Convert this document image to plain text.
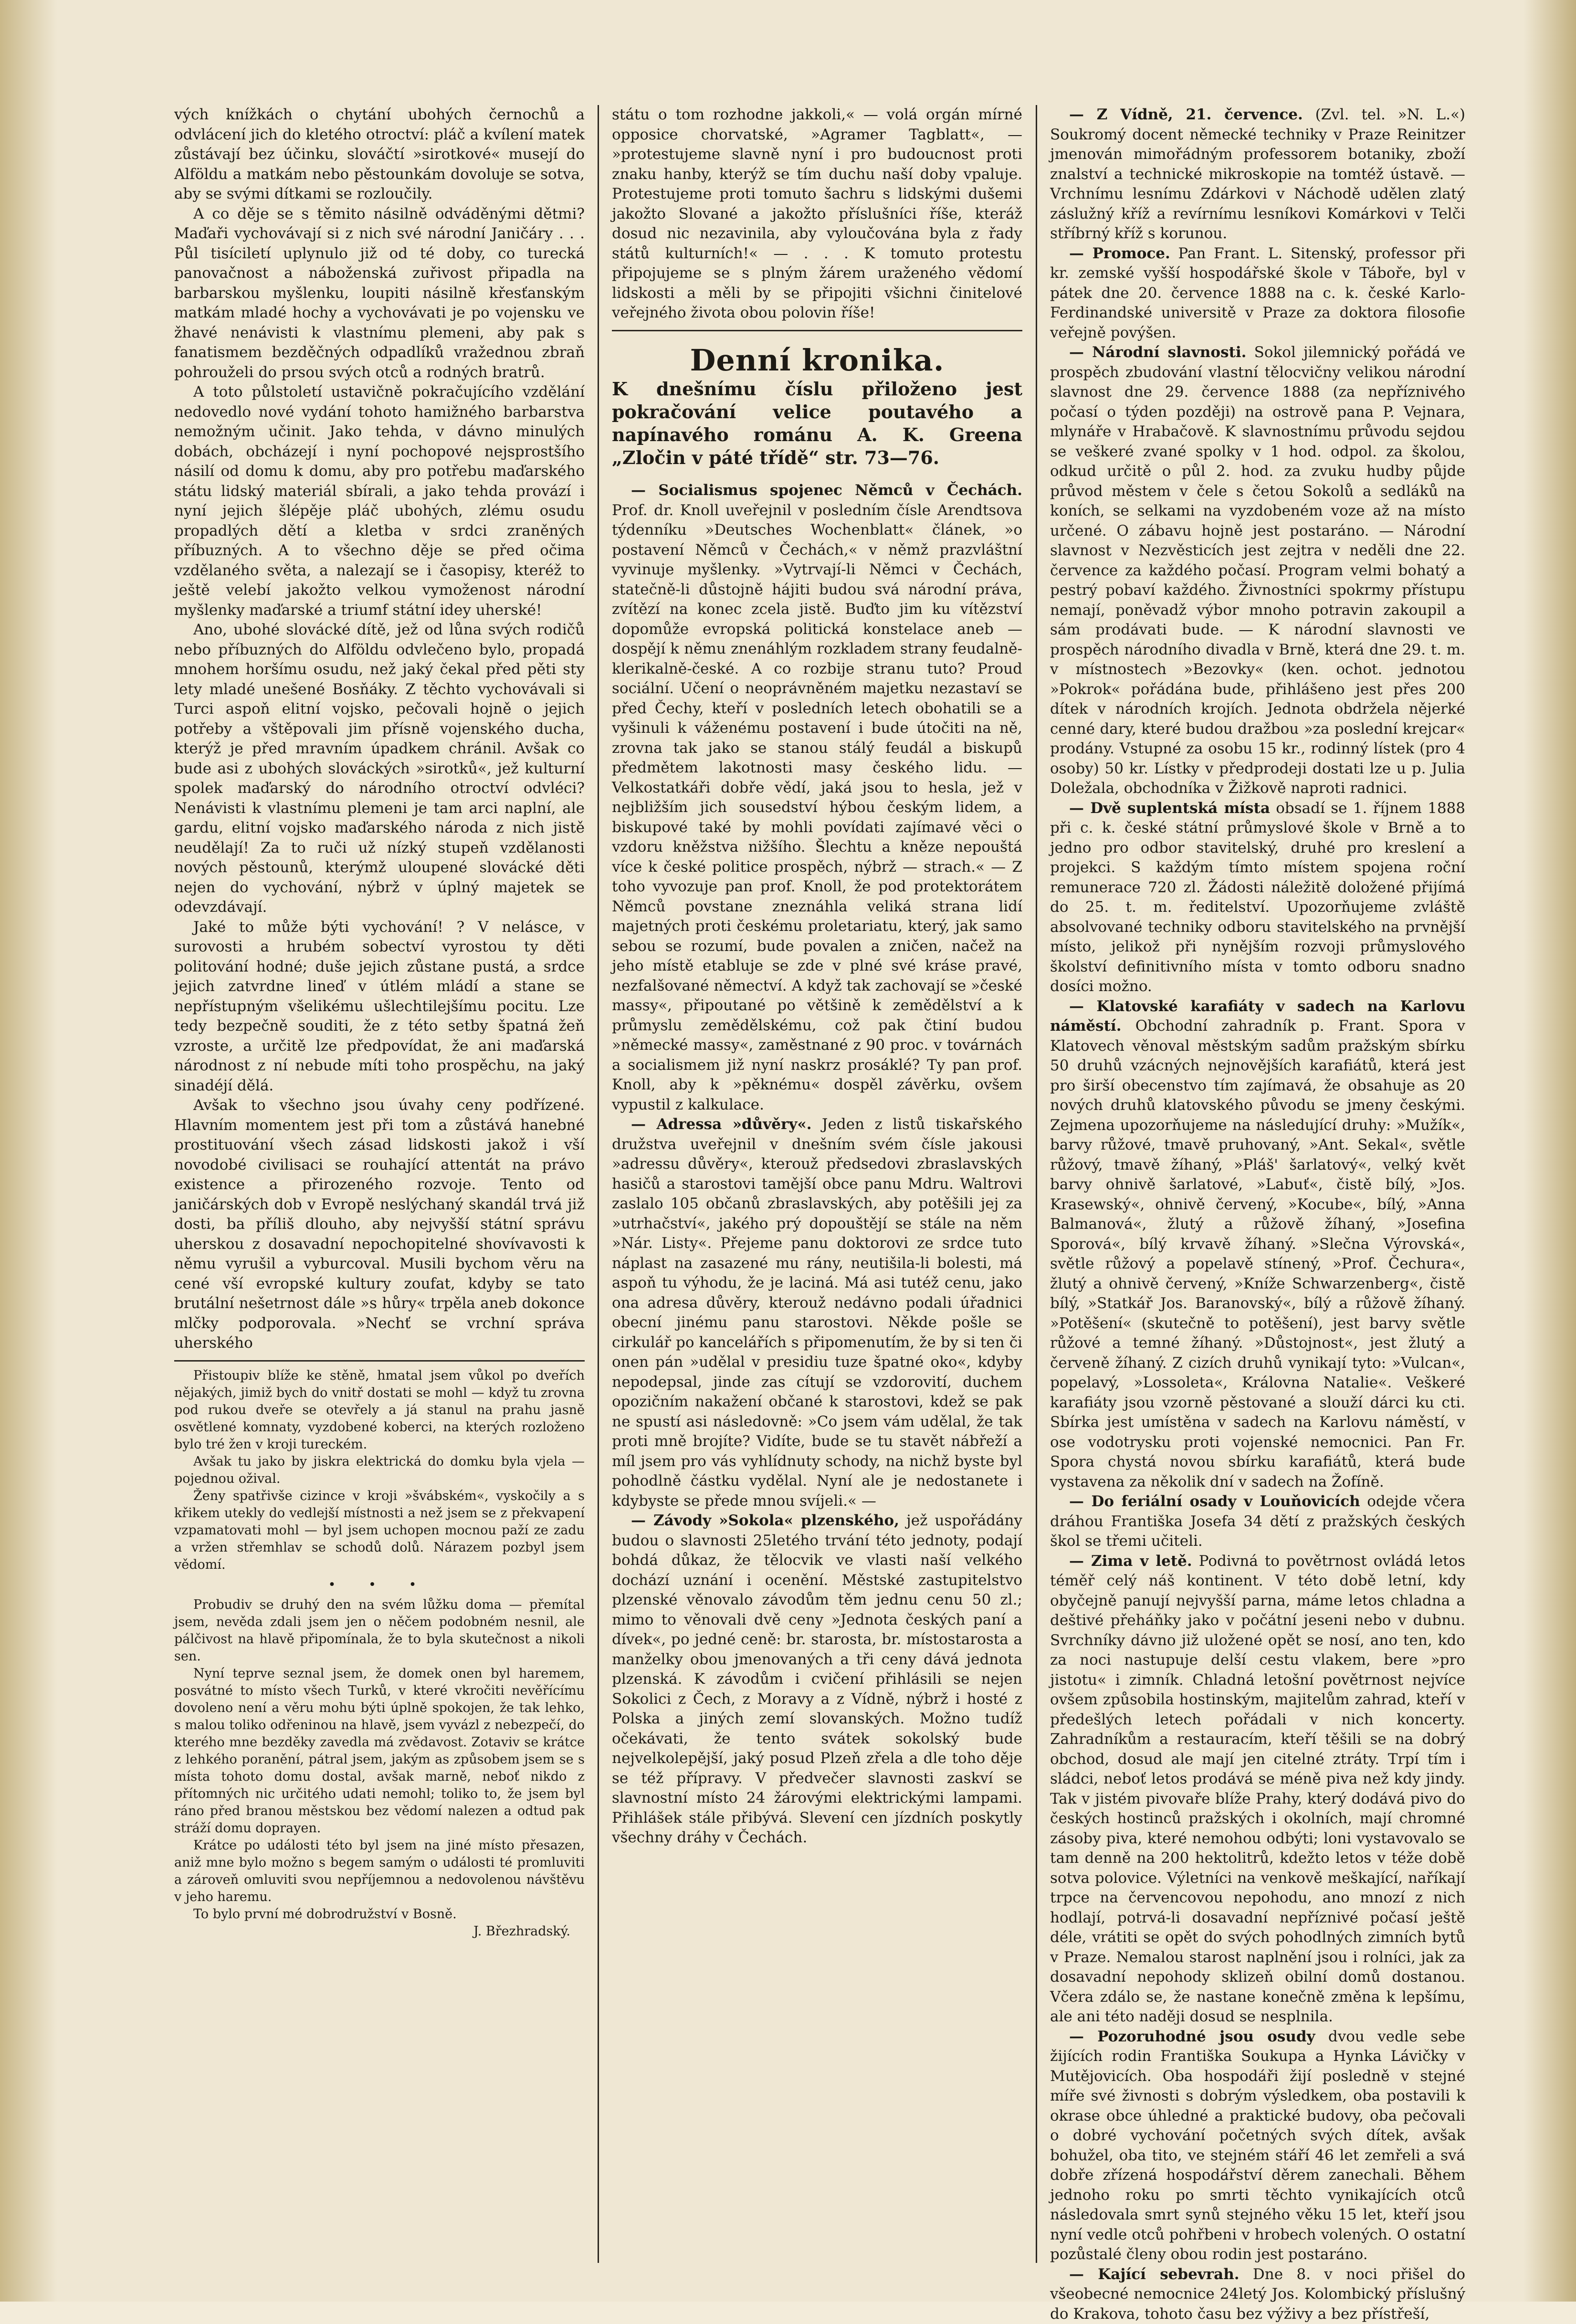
vých knížkách o chytání ubohých černochů a odvlácení jich do kletého otroctví: pláč a kvílení matek zůstávají bez účinku, slováčtí »sirotkové« musejí do Alföldu a matkám nebo pěstounkám dovoluje se sotva, aby se svými dítkami se rozloučily.

A co děje se s těmito násilně odváděnými dětmi? Maďaři vychovávají si z nich své národní Janičáry . . . Půl tisíciletí uplynulo již od té doby, co turecká panovačnost a náboženská zuřivost připadla na barbarskou myšlenku, loupiti násilně křesťanským matkám mladé hochy a vychovávati je po vojensku ve žhavé nenávisti k vlastnímu plemeni, aby pak s fanatismem bezděčných odpadlíků vražednou zbraň pohrouželi do prsou svých otců a rodných bratrů.

A toto půlstoletí ustavičně pokračujícího vzdělání nedovedlo nové vydání tohoto hamižného barbarstva nemožným učinit. Jako tehda, v dávno minulých dobách, obcházejí i nyní pochopové nejsprostšího násilí od domu k domu, aby pro potřebu maďarského státu lidský materiál sbírali, a jako tehda provází i nyní jejich šlépěje pláč ubohých, zlému osudu propadlých dětí a kletba v srdci zraněných příbuzných. A to všechno děje se před očima vzdělaného světa, a nalezají se i časopisy, kteréž to ještě velebí jakožto velkou vymoženost národní myšlenky maďarské a triumf státní idey uherské!

Ano, ubohé slovácké dítě, jež od lůna svých rodičů nebo příbuzných do Alföldu odvlečeno bylo, propadá mnohem horšímu osudu, než jaký čekal před pěti sty lety mladé unešené Bosňáky. Z těchto vychovávali si Turci aspoň elitní vojsko, pečovali hojně o jejich potřeby a vštěpovali jim přísně vojenského ducha, kterýž je před mravním úpadkem chránil. Avšak co bude asi z ubohých slováckých »sirotků«, jež kulturní spolek maďarský do národního otroctví odvléci? Nenávisti k vlastnímu plemeni je tam arci naplní, ale gardu, elitní vojsko maďarského národa z nich jistě neudělají! Za to ruči už nízký stupeň vzdělanosti nových pěstounů, kterýmž uloupené slovácké děti nejen do vychování, nýbrž v úplný majetek se odevzdávají.

Jaké to může býti vychování! ? V nelásce, v surovosti a hrubém sobectví vyrostou ty děti politování hodné; duše jejich zůstane pustá, a srdce jejich zatvrdne lineď v útlém mládí a stane se nepřístupným všelikému ušlechtilejšímu pocitu. Lze tedy bezpečně souditi, že z této setby špatná žeň vzroste, a určitě lze předpovídat, že ani maďarská národnost z ní nebude míti toho prospěchu, na jaký sinadéjí dělá.

Avšak to všechno jsou úvahy ceny podřízené. Hlavním momentem jest při tom a zůstává hanebné prostituování všech zásad lidskosti jakož i vší novodobé civilisaci se rouhající attentát na právo existence a přirozeného rozvoje. Tento od janičárských dob v Evropě neslýchaný skandál trvá již dosti, ba příliš dlouho, aby nejvyšší státní správu uherskou z dosavadní nepochopitelné shovívavosti k němu vyrušil a vyburcoval. Musili bychom věru na cené vší evropské kultury zoufat, kdyby se tato brutální nešetrnost dále »s hůry« trpěla aneb dokonce mlčky podporovala. »Nechť se vrchní správa uherského

Přistoupiv blíže ke stěně, hmatal jsem vůkol po dveřích nějakých, jimiž bych do vnitř dostati se mohl — když tu zrovna pod rukou dveře se otevřely a já stanul na prahu jasně osvětlené komnaty, vyzdobené koberci, na kterých rozloženo bylo tré žen v kroji tureckém.

Avšak tu jako by jiskra elektrická do domku byla vjela — pojednou ožival.

Ženy spatřivše cizince v kroji »švábském«, vyskočily a s křikem utekly do vedlejší místnosti a než jsem se z překvapení vzpamatovati mohl — byl jsem uchopen mocnou paží ze zadu a vržen střemhlav se schodů dolů. Nárazem pozbyl jsem vědomí.

• • •

Probudiv se druhý den na svém lůžku doma — přemítal jsem, nevěda zdali jsem jen o něčem podobném nesnil, ale pálčivost na hlavě připomínala, že to byla skutečnost a nikoli sen.

Nyní teprve seznal jsem, že domek onen byl haremem, posvátné to místo všech Turků, v které vkročiti nevěřícímu dovoleno není a věru mohu býti úplně spokojen, že tak lehko, s malou toliko odřeninou na hlavě, jsem vyvázl z nebezpečí, do kterého mne bezděky zavedla má zvědavost. Zotaviv se krátce z lehkého poranění, pátral jsem, jakým as způsobem jsem se s místa tohoto domu dostal, avšak marně, neboť nikdo z přítomných nic určitého udati nemohl; toliko to, že jsem byl ráno před branou městskou bez vědomí nalezen a odtud pak stráží domu doprayen.

Krátce po události této byl jsem na jiné místo přesazen, aniž mne bylo možno s begem samým o události té promluviti a zároveň omluviti svou nepříjemnou a nedovolenou návštěvu v jeho haremu.

To bylo první mé dobrodružství v Bosně.

J. Březhradský.

státu o tom rozhodne jakkoli,« — volá orgán mírné opposice chorvatské, »Agramer Tagblatt«, — »protestujeme slavně nyní i pro budoucnost proti znaku hanby, kterýž se tím duchu naší doby vpaluje. Protestujeme proti tomuto šachru s lidskými dušemi jakožto Slované a jakožto příslušníci říše, kteráž dosud nic nezavinila, aby vyloučována byla z řady států kulturních!« — . . . K tomuto protestu připojujeme se s plným žárem uraženého vědomí lidskosti a měli by se připojiti všichni činitelové veřejného života obou polovin říše!

Denní kronika.

K dnešnímu číslu přiloženo jest pokračování velice poutavého a napínavého románu A. K. Greena „Zločin v páté třídě“ str. 73—76.

— Socialismus spojenec Němců v Čechách. Prof. dr. Knoll uveřejnil v posledním čísle Arendtsova týdenníku »Deutsches Wochenblatt« článek, »o postavení Němců v Čechách,« v němž prazvláštní vyvinuje myšlenky. »Vytrvají-li Němci v Čechách, statečně-li důstojně hájiti budou svá národní práva, zvítězí na konec zcela jistě. Buďto jim ku vítězství dopomůže evropská politická konstelace aneb — dospějí k němu znenáhlým rozkladem strany feudalně-klerikalně-české. A co rozbije stranu tuto? Proud sociální. Učení o neoprávněném majetku nezastaví se před Čechy, kteří v posledních letech obohatili se a vyšinuli k váženému postavení i bude útočiti na ně, zrovna tak jako se stanou stálý feudál a biskupů předmětem lakotnosti masy českého lidu. — Velkostatkáři dobře vědí, jaká jsou to hesla, jež v nejbližším jich sousedství hýbou českým lidem, a biskupové také by mohli povídati zajímavé věci o vzdoru kněžstva nižšího. Šlechtu a kněze nepouštá více k české politice prospěch, nýbrž — strach.« — Z toho vyvozuje pan prof. Knoll, že pod protektorátem Němců povstane zneznáhla veliká strana lidí majetných proti českému proletariatu, který, jak samo sebou se rozumí, bude povalen a zničen, načež na jeho místě etabluje se zde v plné své kráse pravé, nezfalšované němectví. A když tak zachovají se »české massy«, připoutané po většině k zemědělství a k průmyslu zemědělskému, což pak čtiní budou »německé massy«, zaměstnané z 90 proc. v továrnách a socialismem již nyní naskrz prosáklé? Ty pan prof. Knoll, aby k »pěknému« dospěl závěrku, ovšem vypustil z kalkulace.

— Adressa »důvěry«. Jeden z listů tiskařského družstva uveřejnil v dnešním svém čísle jakousi »adressu důvěry«, kterouž předsedovi zbraslavských hasičů a starostovi tamější obce panu Mdru. Waltrovi zaslalo 105 občanů zbraslavských, aby potěšili jej za »utrhačství«, jakého prý dopouštějí se stále na něm »Nár. Listy«. Přejeme panu doktorovi ze srdce tuto náplast na zasazené mu rány, neutišila-li bolesti, má aspoň tu výhodu, že je laciná. Má asi tutéž cenu, jako ona adresa důvěry, kterouž nedávno podali úřadnici obecní jinému panu starostovi. Někde pošle se cirkulář po kancelářích s připomenutím, že by si ten či onen pán »udělal v presidiu tuze špatné oko«, kdyby nepodepsal, jinde zas cítují se vzdorovití, duchem opozičním nakažení občané k starostovi, kdež se pak ne spustí asi následovně: »Co jsem vám udělal, že tak proti mně brojíte? Vidíte, bude se tu stavět nábřeží a míl jsem pro vás vyhlídnuty schody, na nichž byste byl pohodlně částku vydělal. Nyní ale je nedostanete i kdybyste se přede mnou svíjeli.« —

— Závody »Sokola« plzenského, jež uspořádány budou o slavnosti 25letého trvání této jednoty, podají bohdá důkaz, že tělocvik ve vlasti naší velkého dochází uznání i ocenění. Městské zastupitelstvo plzenské věnovalo závodům těm jednu cenu 50 zl.; mimo to věnovali dvě ceny »Jednota českých paní a dívek«, po jedné ceně: br. starosta, br. místostarosta a manželky obou jmenovaných a tři ceny dává jednota plzenská. K závodům i cvičení přihlásili se nejen Sokolici z Čech, z Moravy a z Vídně, nýbrž i hosté z Polska a jiných zemí slovanských. Možno tudíž očekávati, že tento svátek sokolský bude nejvelkolepější, jaký posud Plzeň zřela a dle toho děje se též přípravy. V předvečer slavnosti zaskví se slavnostní místo 24 žárovými elektrickými lampami. Přihlášek stále přibývá. Slevení cen jízdních poskytly všechny dráhy v Čechách.

— Z Vídně, 21. července. (Zvl. tel. »N. L.«) Soukromý docent německé techniky v Praze Reinitzer jmenován mimořádným professorem botaniky, zboží znalství a technické mikroskopie na tomtéž ústavě. — Vrchnímu lesnímu Zdárkovi v Náchodě udělen zlatý záslužný kříž a revírnímu lesníkovi Komárkovi v Telči stříbrný kříž s korunou.

— Promoce. Pan Frant. L. Sitenský, professor při kr. zemské vyšší hospodářské škole v Táboře, byl v pátek dne 20. července 1888 na c. k. české Karlo-Ferdinandské universitě v Praze za doktora filosofie veřejně povýšen.

— Národní slavnosti. Sokol jilemnický pořádá ve prospěch zbudování vlastní tělocvičny velikou národní slavnost dne 29. července 1888 (za nepříznivého počasí o týden později) na ostrově pana P. Vejnara, mlynáře v Hrabačově. K slavnostnímu průvodu sejdou se veškeré zvané spolky v 1 hod. odpol. za školou, odkud určitě o půl 2. hod. za zvuku hudby půjde průvod městem v čele s četou Sokolů a sedláků na koních, se selkami na vyzdobeném voze až na místo určené. O zábavu hojně jest postaráno. — Národní slavnost v Nezvěsticích jest zejtra v neděli dne 22. července za každého počasí. Program velmi bohatý a pestrý pobaví každého. Živnostníci spokrmy přístupu nemají, poněvadž výbor mnoho potravin zakoupil a sám prodávati bude. — K národní slavnosti ve prospěch národního divadla v Brně, která dne 29. t. m. v místnostech »Bezovky« (ken. ochot. jednotou »Pokrok« pořádána bude, přihlášeno jest přes 200 dítek v národních krojích. Jednota obdržela nějerké cenné dary, které budou dražbou »za poslední krejcar« prodány. Vstupné za osobu 15 kr., rodinný lístek (pro 4 osoby) 50 kr. Lístky v předprodeji dostati lze u p. Julia Doležala, obchodníka v Žižkově naproti radnici.

— Dvě suplentská místa obsadí se 1. říjnem 1888 při c. k. české státní průmyslové škole v Brně a to jedno pro odbor stavitelský, druhé pro kreslení a projekci. S každým tímto místem spojena roční remunerace 720 zl. Žádosti náležitě doložené přijímá do 25. t. m. ředitelství. Upozorňujeme zvláště absolvované techniky odboru stavitelského na prvnější místo, jelikož při nynějším rozvoji průmyslového školství definitivního místa v tomto odboru snadno dosíci možno.

— Klatovské karafiáty v sadech na Karlovu náměstí. Obchodní zahradník p. Frant. Spora v Klatovech věnoval městským sadům pražským sbírku 50 druhů vzácných nejnovějších karafiátů, která jest pro širší obecenstvo tím zajímavá, že obsahuje as 20 nových druhů klatovského původu se jmeny českými. Zejmena upozorňujeme na následující druhy: »Mužík«, barvy růžové, tmavě pruhovaný, »Ant. Sekal«, světle růžový, tmavě žíhaný, »Pláš' šarlatový«, velký květ barvy ohnivě šarlatové, »Labuť«, čistě bílý, »Jos. Krasewský«, ohnivě červený, »Kocube«, bílý, »Anna Balmanová«, žlutý a růžově žíhaný, »Josefina Sporová«, bílý krvavě žíhaný. »Slečna Výrovská«, světle růžový a popelavě stínený, »Prof. Čechura«, žlutý a ohnivě červený, »Kníže Schwarzenberg«, čistě bílý, »Statkář Jos. Baranovský«, bílý a růžově žíhaný. »Potěšení« (skutečně to potěšení), jest barvy světle růžové a temné žíhaný. »Důstojnost«, jest žlutý a červeně žíhaný. Z cizích druhů vynikají tyto: »Vulcan«, popelavý, »Lossoleta«, Královna Natalie«. Veškeré karafiáty jsou vzorně pěstované a slouží dárci ku cti. Sbírka jest umístěna v sadech na Karlovu náměstí, v ose vodotrysku proti vojenské nemocnici. Pan Fr. Spora chystá novou sbírku karafiátů, která bude vystavena za několik dní v sadech na Žofíně.

— Do feriální osady v Louňovicích odejde včera dráhou Františka Josefa 34 dětí z pražských českých škol se třemi učiteli.

— Zima v letě. Podivná to povětrnost ovládá letos téměř celý náš kontinent. V této době letní, kdy obyčejně panují nejvyšší parna, máme letos chladna a deštivé přeháňky jako v počátní jeseni nebo v dubnu. Svrchníky dávno již uložené opět se nosí, ano ten, kdo za noci nastupuje delší cestu vlakem, bere »pro jistotu« i zimník. Chladná letošní povětrnost nejvíce ovšem způsobila hostinským, majitelům zahrad, kteří v předešlých letech pořádali v nich koncerty. Zahradníkům a restauracím, kteří těšili se na dobrý obchod, dosud ale mají jen citelné ztráty. Trpí tím i sládci, neboť letos prodává se méně piva než kdy jindy. Tak v jistém pivovaře blíže Prahy, který dodává pivo do českých hostinců pražských i okolních, mají chromné zásoby piva, které nemohou odbýti; loni vystavovalo se tam denně na 200 hektolitrů, kdežto letos v téže době sotva polovice. Výletníci na venkově meškající, naříkají trpce na červencovou nepohodu, ano mnozí z nich hodlají, potrvá-li dosavadní nepříznivé počasí ještě déle, vrátiti se opět do svých pohodlných zimních bytů v Praze. Nemalou starost naplnění jsou i rolníci, jak za dosavadní nepohody sklizeň obilní domů dostanou. Včera zdálo se, že nastane konečně změna k lepšímu, ale ani této naději dosud se nesplnila.

— Pozoruhodné jsou osudy dvou vedle sebe žijících rodin Františka Soukupa a Hynka Lávičky v Mutějovicích. Oba hospodáři žijí posledně v stejné míře své živnosti s dobrým výsledkem, oba postavili k okrase obce úhledné a praktické budovy, oba pečovali o dobré vychování početných svých dítek, avšak bohužel, oba tito, ve stejném stáří 46 let zemřeli a svá dobře zřízená hospodářství děrem zanechali. Během jednoho roku po smrti těchto vynikajících otců následovala smrt synů stejného věku 15 let, kteří jsou nyní vedle otců pohřbeni v hrobech volených. O ostatní pozůstalé členy obou rodin jest postaráno.

— Kající sebevrah. Dne 8. v noci přišel do všeobecné nemocnice 24letý Jos. Kolombický příslušný do Krakova, tohoto času bez výživy a bez přístřeší,
